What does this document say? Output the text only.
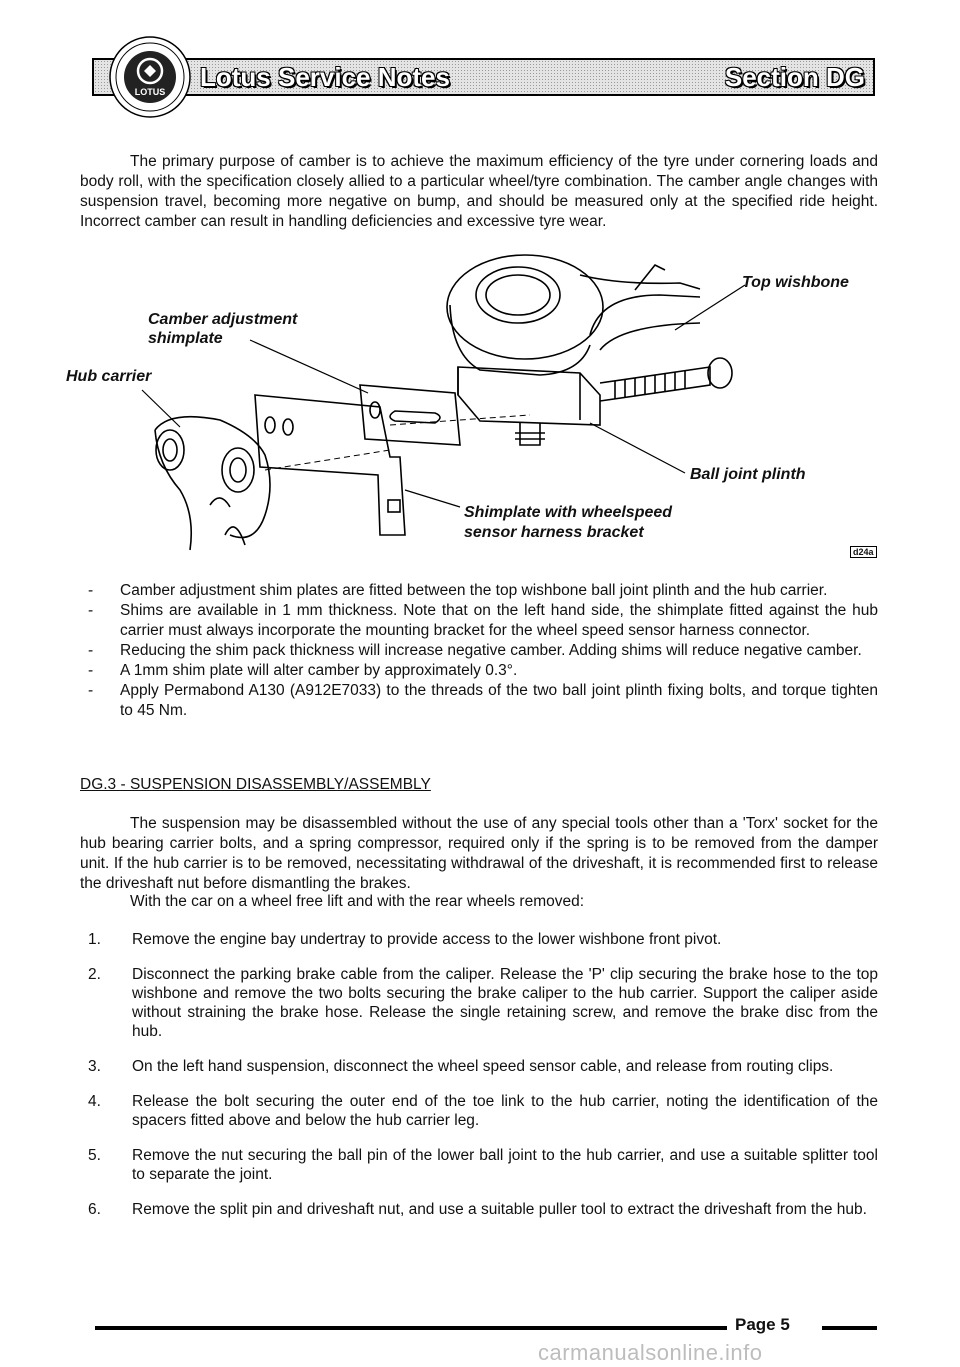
LOTUS Lotus Service Notes	Section DG

The primary purpose of camber is to achieve the maximum efficiency of the tyre under cornering loads and body roll, with the specification closely allied to a particular wheel/tyre combination. The camber angle changes with suspension travel, becoming more negative on bump, and should be measured only at the specified ride height. Incorrect camber can result in handling deficiencies and excessive tyre wear.

Top wishbone
Camber adjustment
shimplate
Hub carrier
Ball joint plinth
Shimplate with wheelspeed
sensor harness bracket
d24a
- Camber adjustment shim plates are fitted between the top wishbone ball joint plinth and the hub carrier.
- Shims are available in 1 mm thickness. Note that on the left hand side, the shimplate fitted against the hub carrier must always incorporate the mounting bracket for the wheel speed sensor harness connector.
- Reducing the shim pack thickness will increase negative camber. Adding shims will reduce negative camber.
- A 1mm shim plate will alter camber by approximately 0.3°.
- Apply Permabond A130 (A912E7033) to the threads of the two ball joint plinth fixing bolts, and torque tighten to 45 Nm.
DG.3 - SUSPENSION DISASSEMBLY/ASSEMBLY

The suspension may be disassembled without the use of any special tools other than a 'Torx' socket for the hub bearing carrier bolts, and a spring compressor, required only if the spring is to be removed from the damper unit. If the hub carrier is to be removed, necessitating withdrawal of the driveshaft, it is recommended first to release the driveshaft nut before dismantling the brakes.

With the car on a wheel free lift and with the rear wheels removed:

1. Remove the engine bay undertray to provide access to the lower wishbone front pivot.
2. Disconnect the parking brake cable from the caliper. Release the 'P' clip securing the brake hose to the top wishbone and remove the two bolts securing the brake caliper to the hub carrier. Support the caliper aside without straining the brake hose. Release the single retaining screw, and remove the brake disc from the hub.
3. On the left hand suspension, disconnect the wheel speed sensor cable, and release from routing clips.
4. Release the bolt securing the outer end of the toe link to the hub carrier, noting the identification of the spacers fitted above and below the hub carrier leg.
5. Remove the nut securing the ball pin of the lower ball joint to the hub carrier, and use a suitable splitter tool to separate the joint.
6. Remove the split pin and driveshaft nut, and use a suitable puller tool to extract the driveshaft from the hub.
Page 5
carmanualsonline.info
